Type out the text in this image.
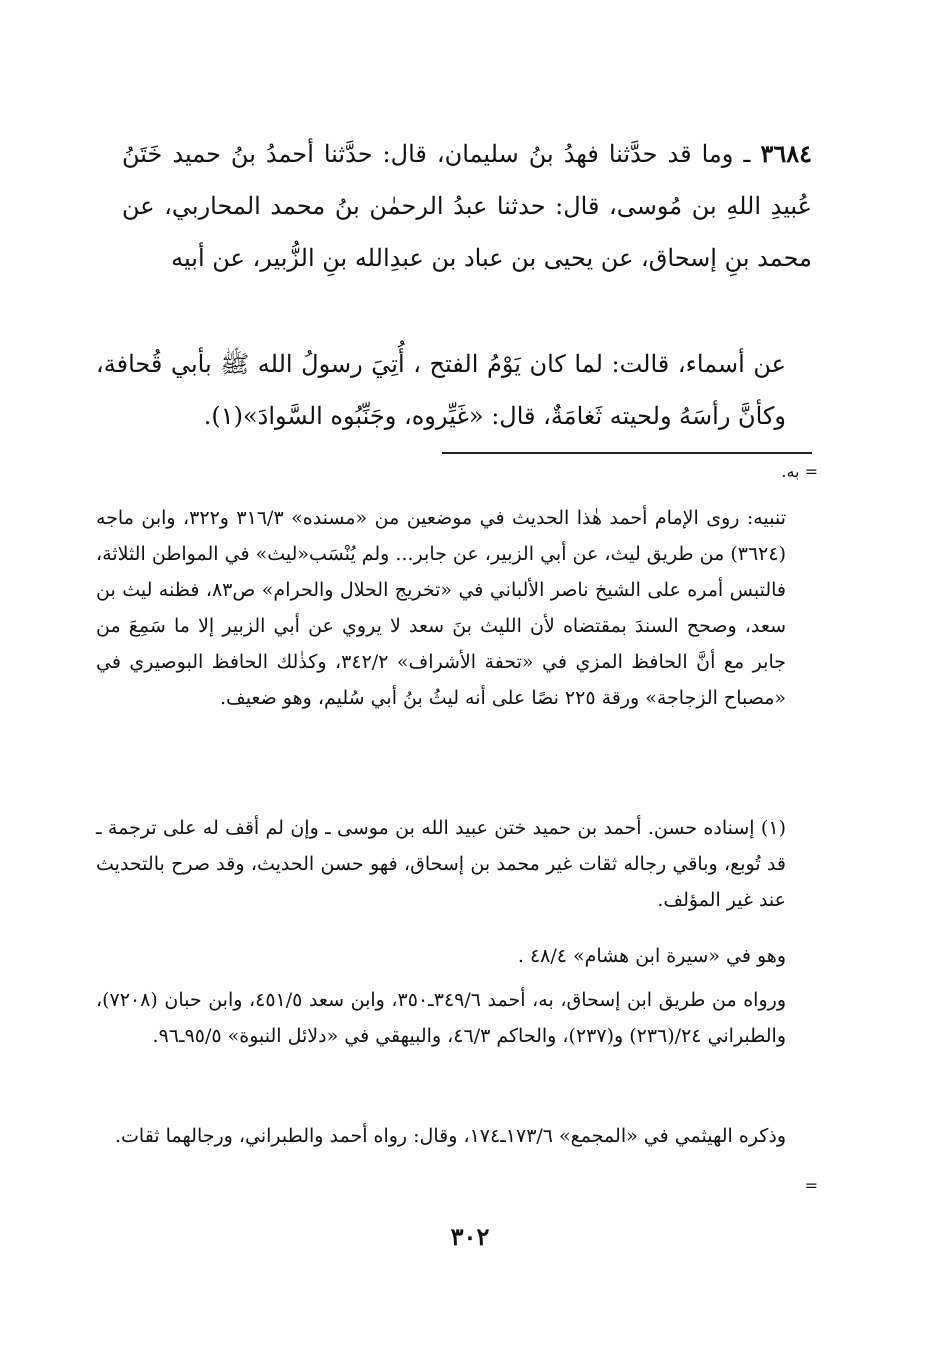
٣٦٨٤ ـ وما قد حدَّثنا فهدُ بنُ سليمان، قال: حدَّثنا أحمدُ بنُ حميد خَتَنُ عُبيدِ اللهِ بن مُوسى، قال: حدثنا عبدُ الرحمٰن بنُ محمد المحاربي، عن محمد بنِ إسحاق، عن يحيى بن عباد بن عبدِالله بنِ الزُّبير، عن أبيه
عن أسماء، قالت: لما كان يَوْمُ الفتح ، أُتِيَ رسولُ الله ﷺ بأبي قُحافة، وكأنَّ رأسَهُ ولحيته ثَغامَةٌ، قال: «غَيِّروه، وجَنِّبُوه السَّوادَ»(١).
= به.
تنبيه: روى الإمام أحمد هٰذا الحديث في موضعين من «مسنده» ٣١٦/٣ و٣٢٢، وابن ماجه (٣٦٢٤) من طريق ليث، عن أبي الزبير، عن جابر... ولم يُنْسَب«ليث» في المواطن الثلاثة، فالتبس أمره على الشيخ ناصر الألباني في «تخريج الحلال والحرام» ص٨٣، فظنه ليث بن سعد، وصحح السندَ بمقتضاه لأن الليث بنَ سعد لا يروي عن أبي الزبير إلا ما سَمِعَ من جابر مع أنَّ الحافظ المزي في «تحفة الأشراف» ٣٤٢/٢، وكذٰلك الحافظ البوصيري في «مصباح الزجاجة» ورقة ٢٢٥ نصًا على أنه ليثُ بنُ أبي سُليم، وهو ضعيف.
(١) إسناده حسن. أحمد بن حميد ختن عبيد الله بن موسى ـ وإن لم أقف له على ترجمة ـ قد تُوبع، وباقي رجاله ثقات غير محمد بن إسحاق، فهو حسن الحديث، وقد صرح بالتحديث عند غير المؤلف.
وهو في «سيرة ابن هشام» ٤٨/٤ .
ورواه من طريق ابن إسحاق، به، أحمد ٣٤٩/٦ـ٣٥٠، وابن سعد ٤٥١/٥، وابن حبان (٧٢٠٨)، والطبراني ٢٤/(٢٣٦) و(٢٣٧)، والحاكم ٤٦/٣، والبيهقي في «دلائل النبوة» ٩٥/٥ـ٩٦.
وذكره الهيثمي في «المجمع» ١٧٣/٦ـ١٧٤، وقال: رواه أحمد والطبراني، ورجالهما ثقات.
=
٣٠٢
